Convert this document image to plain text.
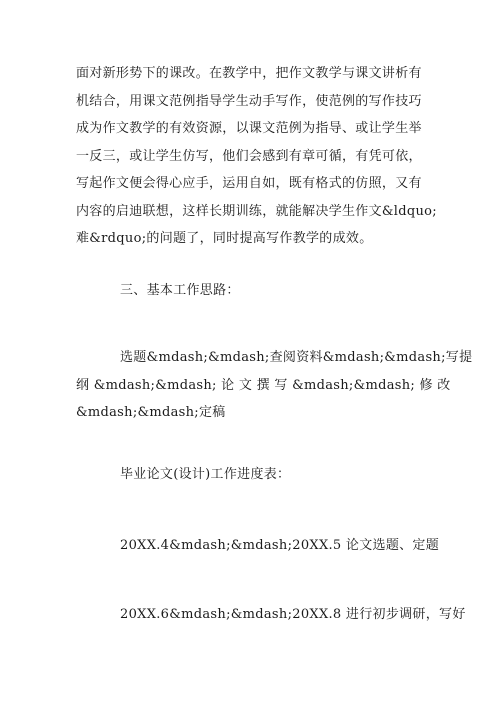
面对新形势下的课改。在教学中，把作文教学与课文讲析有
机结合，用课文范例指导学生动手写作，使范例的写作技巧
成为作文教学的有效资源，以课文范例为指导、或让学生举
一反三，或让学生仿写，他们会感到有章可循，有凭可依，
写起作文便会得心应手，运用自如，既有格式的仿照，又有
内容的启迪联想，这样长期训练，就能解决学生作文&ldquo;
难&rdquo;的问题了，同时提高写作教学的成效。

三、基本工作思路：

选题&mdash;&mdash;查阅资料&mdash;&mdash;写提
纲 &mdash;&mdash; 论 文 撰 写 &mdash;&mdash; 修 改
&mdash;&mdash;定稿

毕业论文(设计)工作进度表：

20XX.4&mdash;&mdash;20XX.5 论文选题、定题

20XX.6&mdash;&mdash;20XX.8 进行初步调研，写好
